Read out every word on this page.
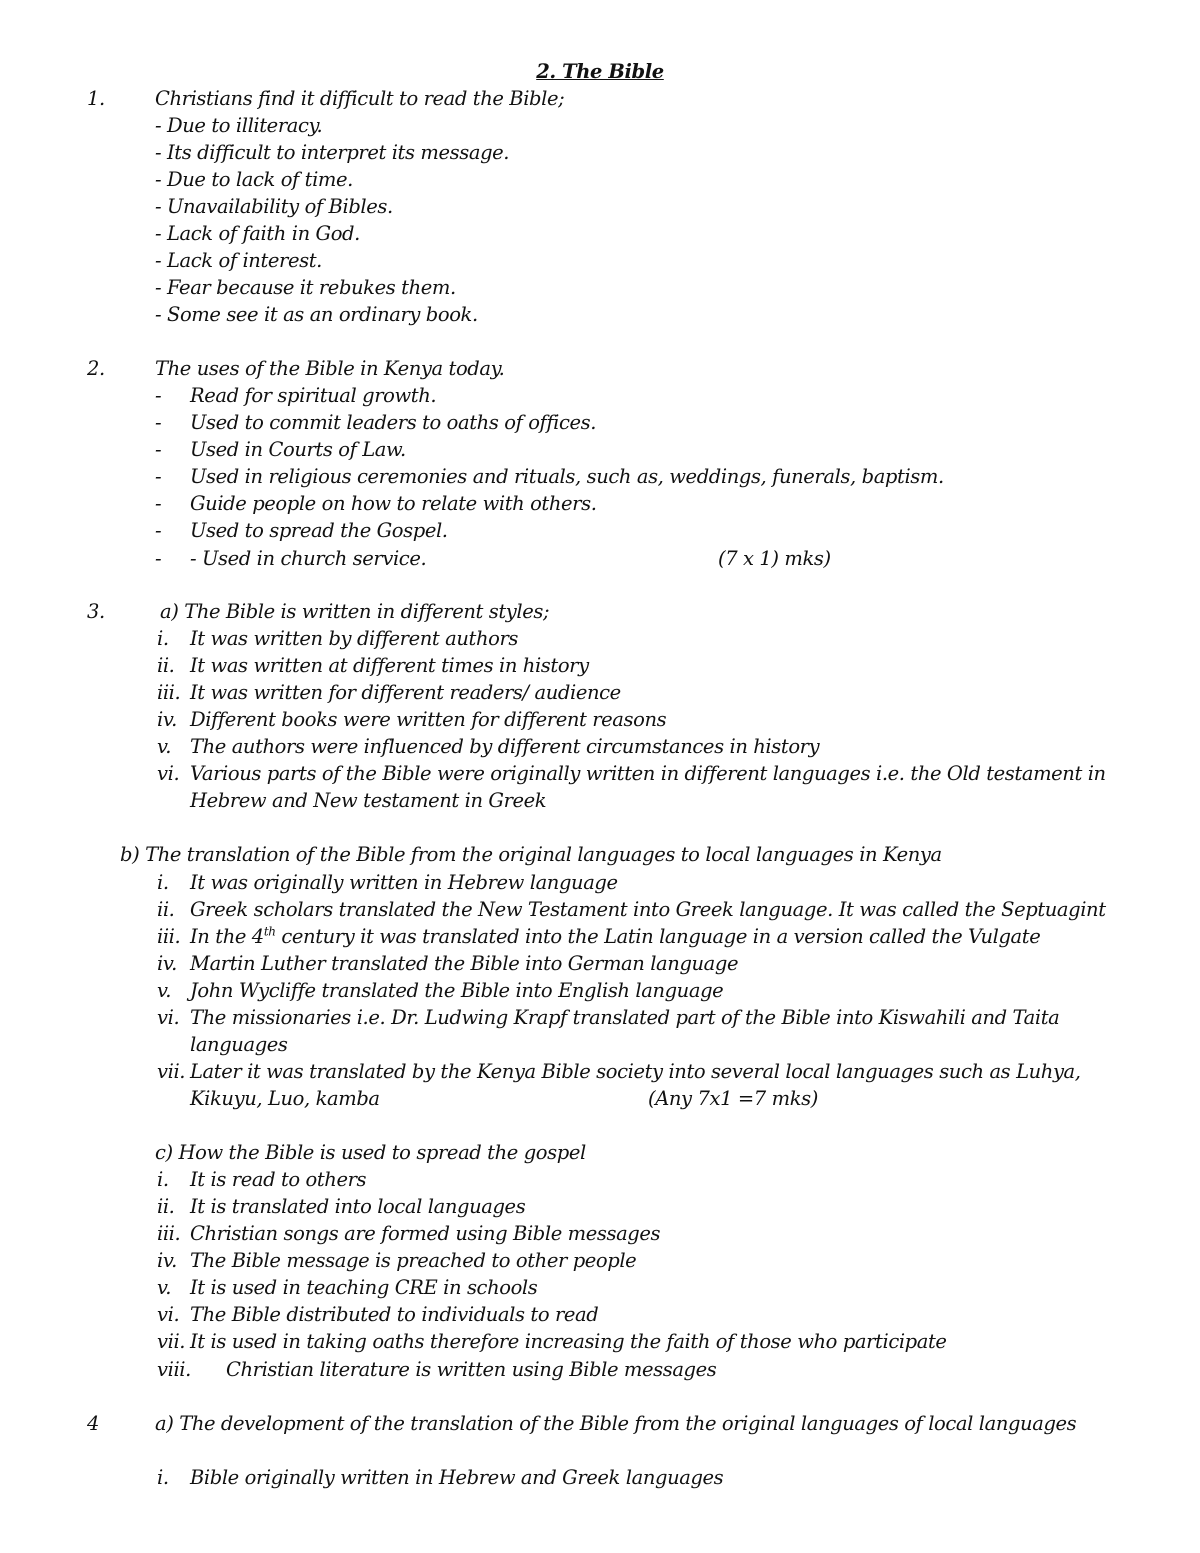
2. The Bible
1.	Christians find it difficult to read the Bible;
- Due to illiteracy.
- Its difficult to interpret its message.
- Due to lack of time.
- Unavailability of Bibles.
- Lack of faith in God.
- Lack of interest.
- Fear because it rebukes them.
- Some see it as an ordinary book.
2.	The uses of the Bible in Kenya today.
- Read for spiritual growth.
- Used to commit leaders to oaths of offices.
- Used in Courts of Law.
- Used in religious ceremonies and rituals, such as, weddings, funerals, baptism.
- Guide people on how to relate with others.
- Used to spread the Gospel.
- - Used in church service.	(7 x 1) mks)
3.	a) The Bible is written in different styles;
i. It was written by different authors
ii. It was written at different times in history
iii. It was written for different readers/ audience
iv. Different books were written for different reasons
v. The authors were influenced by different circumstances in history
vi. Various parts of the Bible were originally written in different languages i.e. the Old testament in
Hebrew and New testament in Greek
b) The translation of the Bible from the original languages to local languages in Kenya
i. It was originally written in Hebrew language
ii. Greek scholars translated the New Testament into Greek language. It was called the Septuagint
iii. In the 4th century it was translated into the Latin language in a version called the Vulgate
iv. Martin Luther translated the Bible into German language
v. John Wycliffe translated the Bible into English language
vi. The missionaries i.e. Dr. Ludwing Krapf translated part of the Bible into Kiswahili and Taita
languages
vii. Later it was translated by the Kenya Bible society into several local languages such as Luhya,
Kikuyu, Luo, kamba	(Any 7x1 =7 mks)
c) How the Bible is used to spread the gospel
i. It is read to others
ii. It is translated into local languages
iii. Christian songs are formed using Bible messages
iv. The Bible message is preached to other people
v. It is used in teaching CRE in schools
vi. The Bible distributed to individuals to read
vii. It is used in taking oaths therefore increasing the faith of those who participate
viii. Christian literature is written using Bible messages
4	a) The development of the translation of the Bible from the original languages of local languages
i. Bible originally written in Hebrew and Greek languages
